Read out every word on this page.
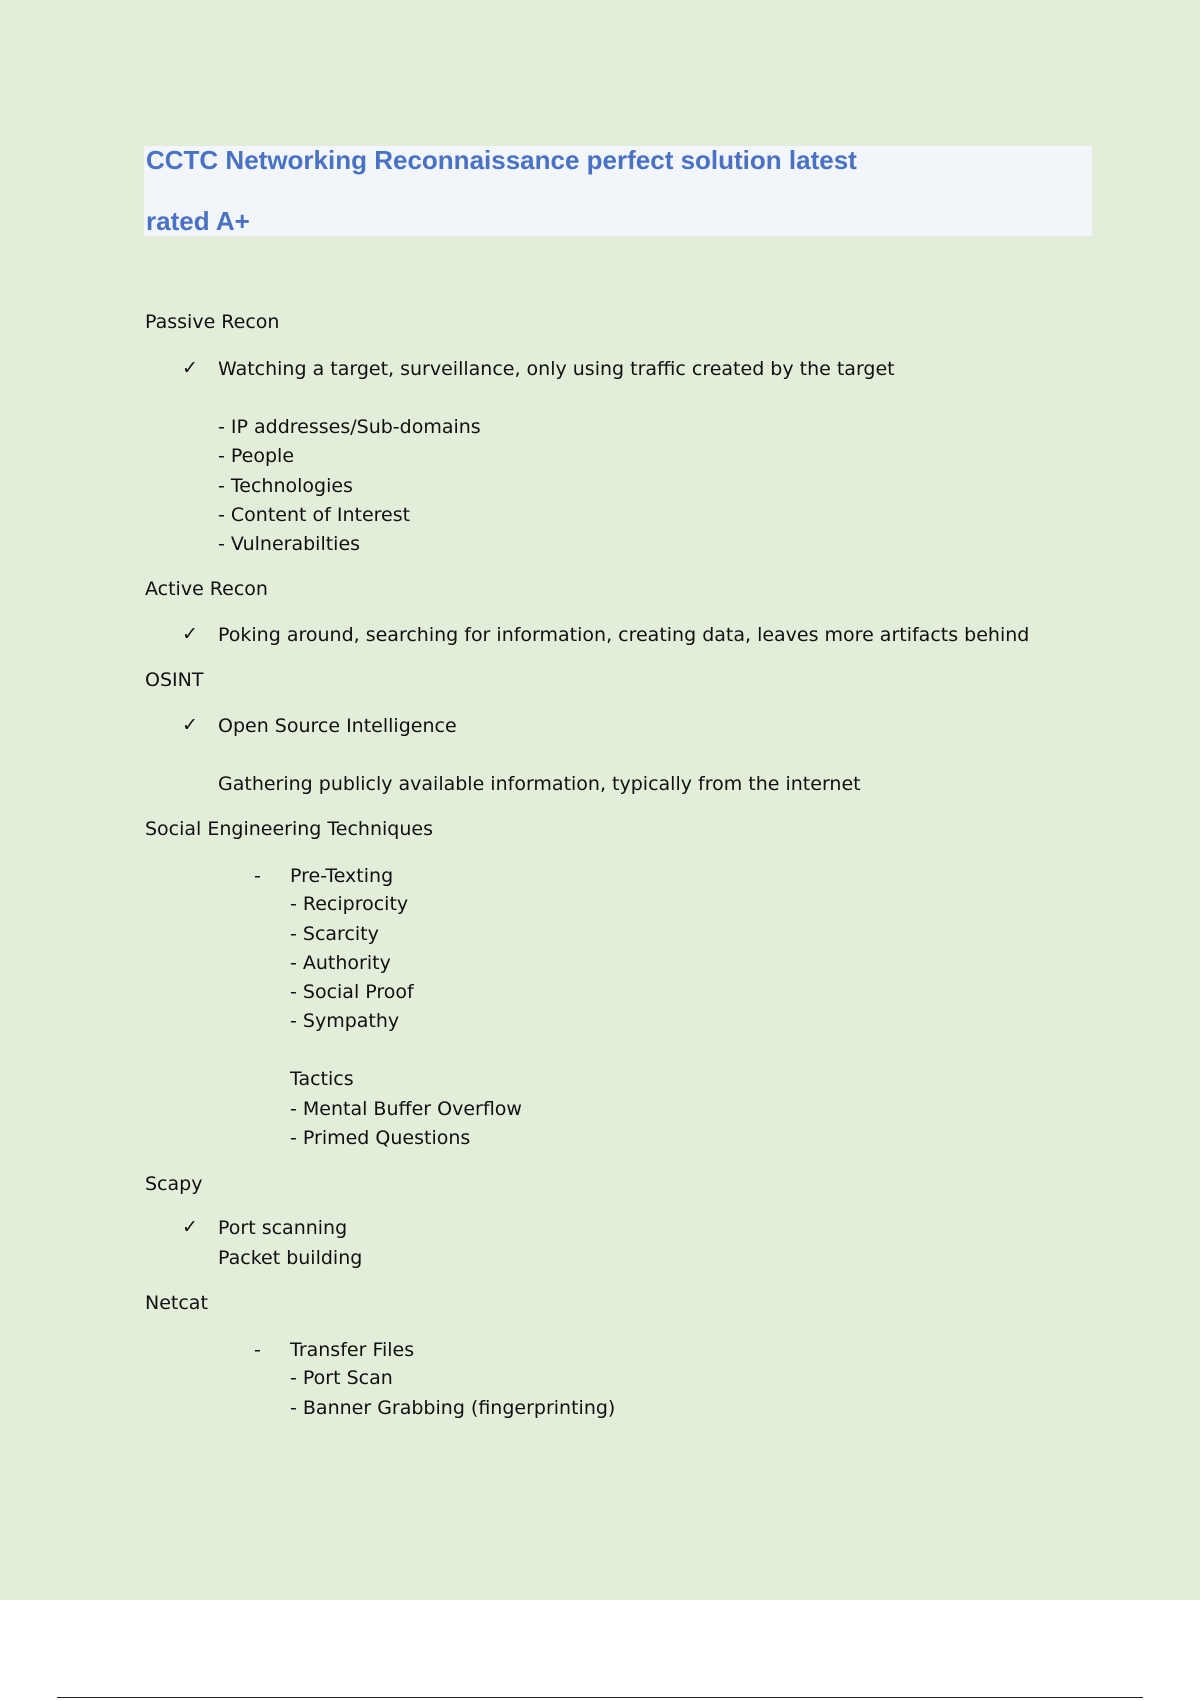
CCTC Networking Reconnaissance perfect solution latest
rated A+
Passive Recon
✓ Watching a target, surveillance, only using traffic created by the target
- IP addresses/Sub-domains
- People
- Technologies
- Content of Interest
- Vulnerabilties
Active Recon
✓ Poking around, searching for information, creating data, leaves more artifacts behind
OSINT
✓ Open Source Intelligence
Gathering publicly available information, typically from the internet
Social Engineering Techniques
- Pre-Texting
- Reciprocity
- Scarcity
- Authority
- Social Proof
- Sympathy
Tactics
- Mental Buffer Overflow
- Primed Questions
Scapy
✓ Port scanning
Packet building
Netcat
- Transfer Files
- Port Scan
- Banner Grabbing (fingerprinting)
